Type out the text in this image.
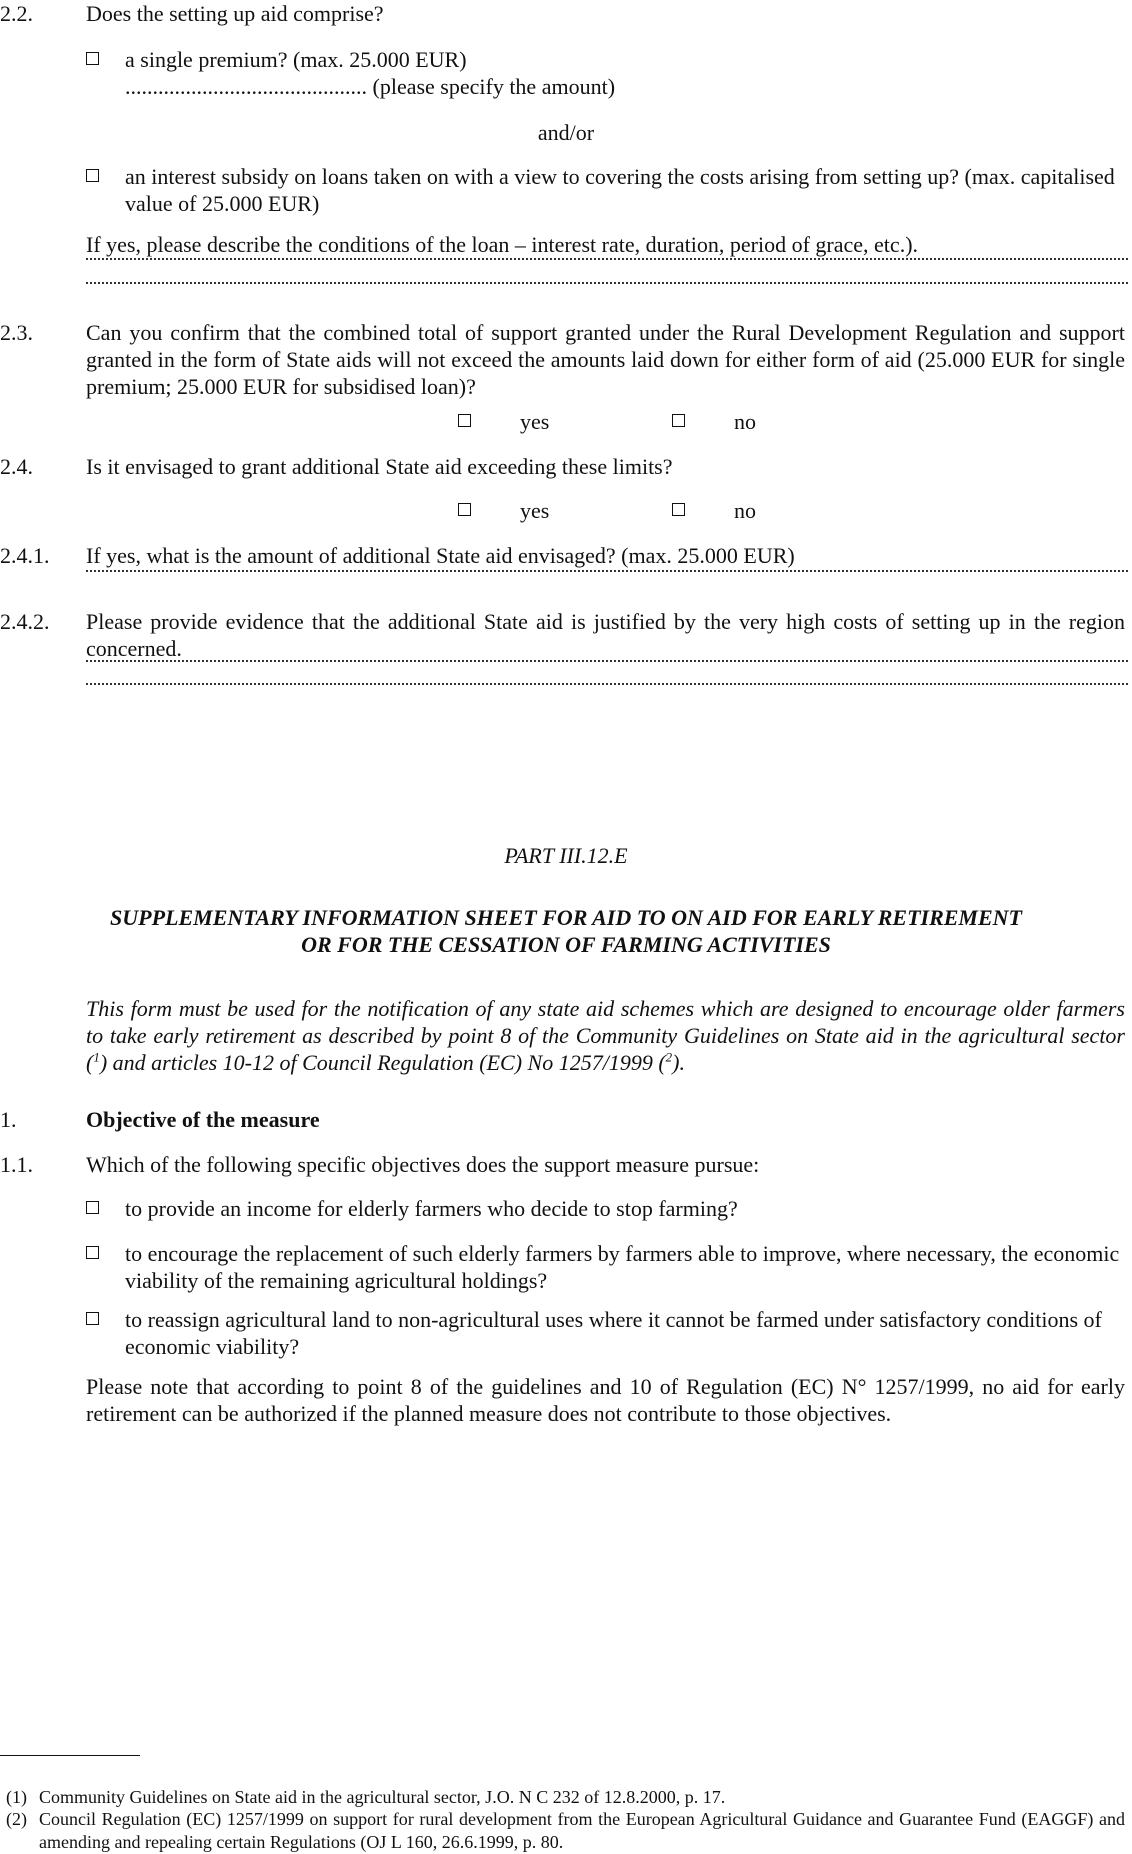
2.2. Does the setting up aid comprise?
a single premium? (max. 25.000 EUR)
............................................ (please specify the amount)
and/or
an interest subsidy on loans taken on with a view to covering the costs arising from setting up? (max. capitalised value of 25.000 EUR)
If yes, please describe the conditions of the loan – interest rate, duration, period of grace, etc.).
2.3. Can you confirm that the combined total of support granted under the Rural Development Regulation and support granted in the form of State aids will not exceed the amounts laid down for either form of aid (25.000 EUR for single premium; 25.000 EUR for subsidised loan)?
yes	no
2.4. Is it envisaged to grant additional State aid exceeding these limits?
yes	no
2.4.1. If yes, what is the amount of additional State aid envisaged? (max. 25.000 EUR)
2.4.2. Please provide evidence that the additional State aid is justified by the very high costs of setting up in the region concerned.
PART III.12.E
SUPPLEMENTARY INFORMATION SHEET FOR AID TO ON AID FOR EARLY RETIREMENT
OR FOR THE CESSATION OF FARMING ACTIVITIES
This form must be used for the notification of any state aid schemes which are designed to encourage older farmers to take early retirement as described by point 8 of the Community Guidelines on State aid in the agricultural sector ($^1$) and articles 10-12 of Council Regulation (EC) No 1257/1999 ($^2$).
1.	Objective of the measure
1.1. Which of the following specific objectives does the support measure pursue:
to provide an income for elderly farmers who decide to stop farming?
to encourage the replacement of such elderly farmers by farmers able to improve, where necessary, the economic viability of the remaining agricultural holdings?
to reassign agricultural land to non-agricultural uses where it cannot be farmed under satisfactory conditions of economic viability?
Please note that according to point 8 of the guidelines and 10 of Regulation (EC) N° 1257/1999, no aid for early retirement can be authorized if the planned measure does not contribute to those objectives.
(1) Community Guidelines on State aid in the agricultural sector, J.O. N C 232 of 12.8.2000, p. 17.
(2) Council Regulation (EC) 1257/1999 on support for rural development from the European Agricultural Guidance and Guarantee Fund (EAGGF) and amending and repealing certain Regulations (OJ L 160, 26.6.1999, p. 80.
